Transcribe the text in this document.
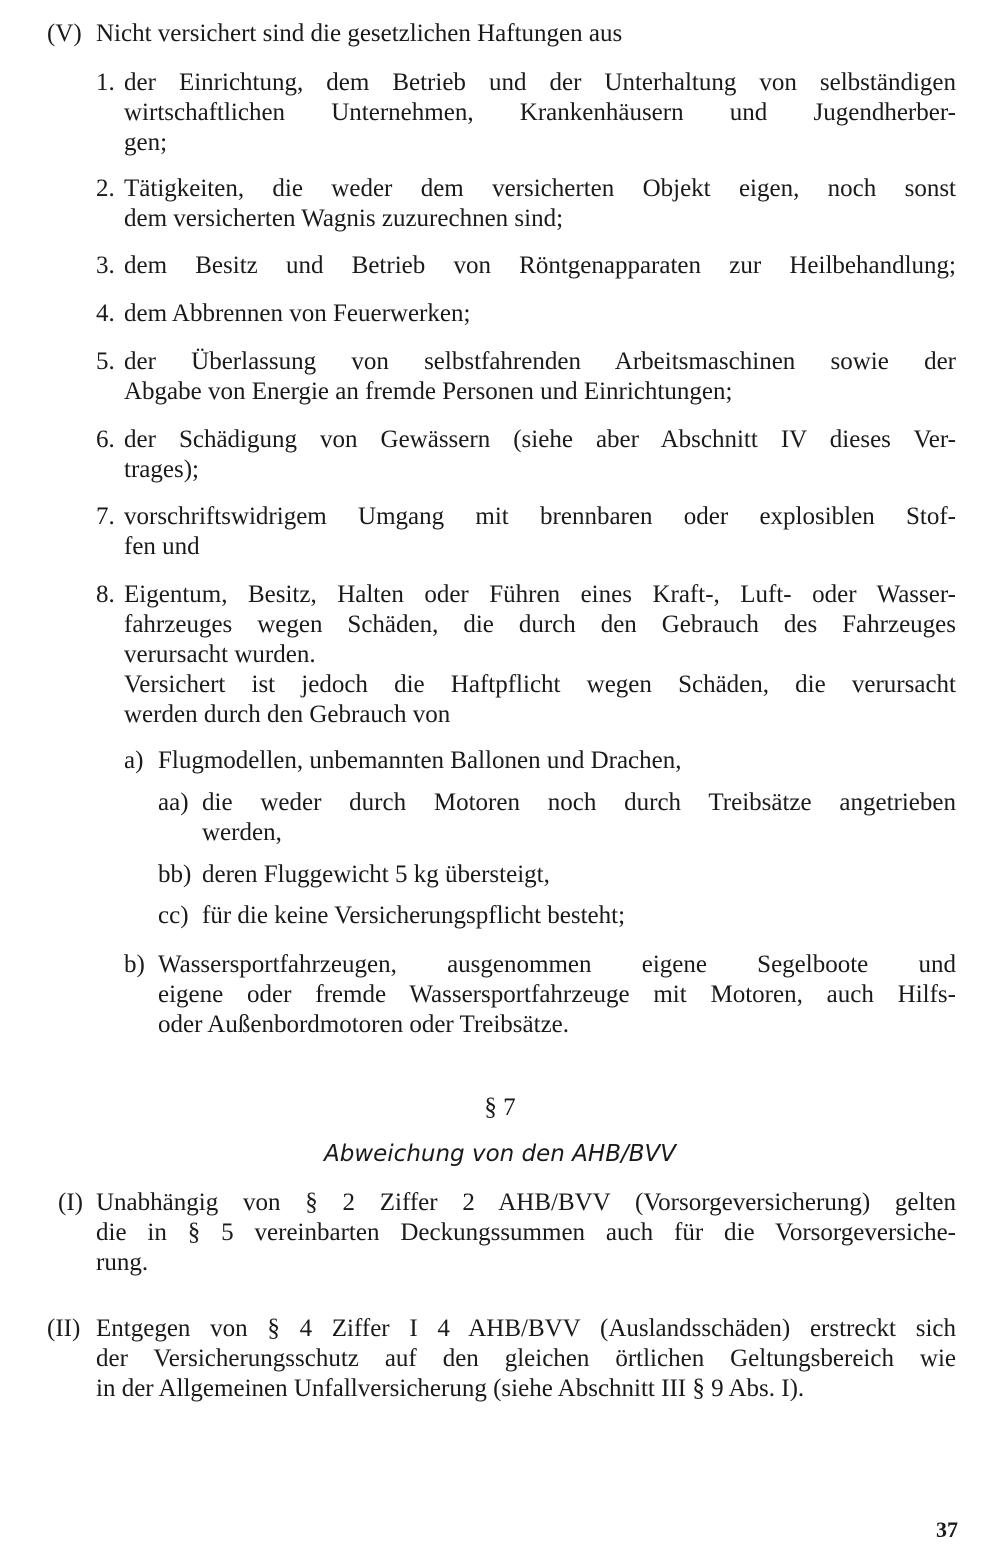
(V) Nicht versichert sind die gesetzlichen Haftungen aus
1. der Einrichtung, dem Betrieb und der Unterhaltung von selbständigen
wirtschaftlichen Unternehmen, Krankenhäusern und Jugendherber-
gen;
2. Tätigkeiten, die weder dem versicherten Objekt eigen, noch sonst
dem versicherten Wagnis zuzurechnen sind;
3. dem Besitz und Betrieb von Röntgenapparaten zur Heilbehandlung;
4. dem Abbrennen von Feuerwerken;
5. der Überlassung von selbstfahrenden Arbeitsmaschinen sowie der
Abgabe von Energie an fremde Personen und Einrichtungen;
6. der Schädigung von Gewässern (siehe aber Abschnitt IV dieses Ver-
trages);
7. vorschriftswidrigem Umgang mit brennbaren oder explosiblen Stof-
fen und
8. Eigentum, Besitz, Halten oder Führen eines Kraft-, Luft- oder Wasser-
fahrzeuges wegen Schäden, die durch den Gebrauch des Fahrzeuges
verursacht wurden.
Versichert ist jedoch die Haftpflicht wegen Schäden, die verursacht
werden durch den Gebrauch von
a) Flugmodellen, unbemannten Ballonen und Drachen,
aa) die weder durch Motoren noch durch Treibsätze angetrieben
werden,
bb) deren Fluggewicht 5 kg übersteigt,
cc) für die keine Versicherungspflicht besteht;
b) Wassersportfahrzeugen, ausgenommen eigene Segelboote und
eigene oder fremde Wassersportfahrzeuge mit Motoren, auch Hilfs-
oder Außenbordmotoren oder Treibsätze.
§ 7
Abweichung von den AHB/BVV
(I) Unabhängig von § 2 Ziffer 2 AHB/BVV (Vorsorgeversicherung) gelten
die in § 5 vereinbarten Deckungssummen auch für die Vorsorgeversiche-
rung.
(II) Entgegen von § 4 Ziffer I 4 AHB/BVV (Auslandsschäden) erstreckt sich
der Versicherungsschutz auf den gleichen örtlichen Geltungsbereich wie
in der Allgemeinen Unfallversicherung (siehe Abschnitt III § 9 Abs. I).
37
